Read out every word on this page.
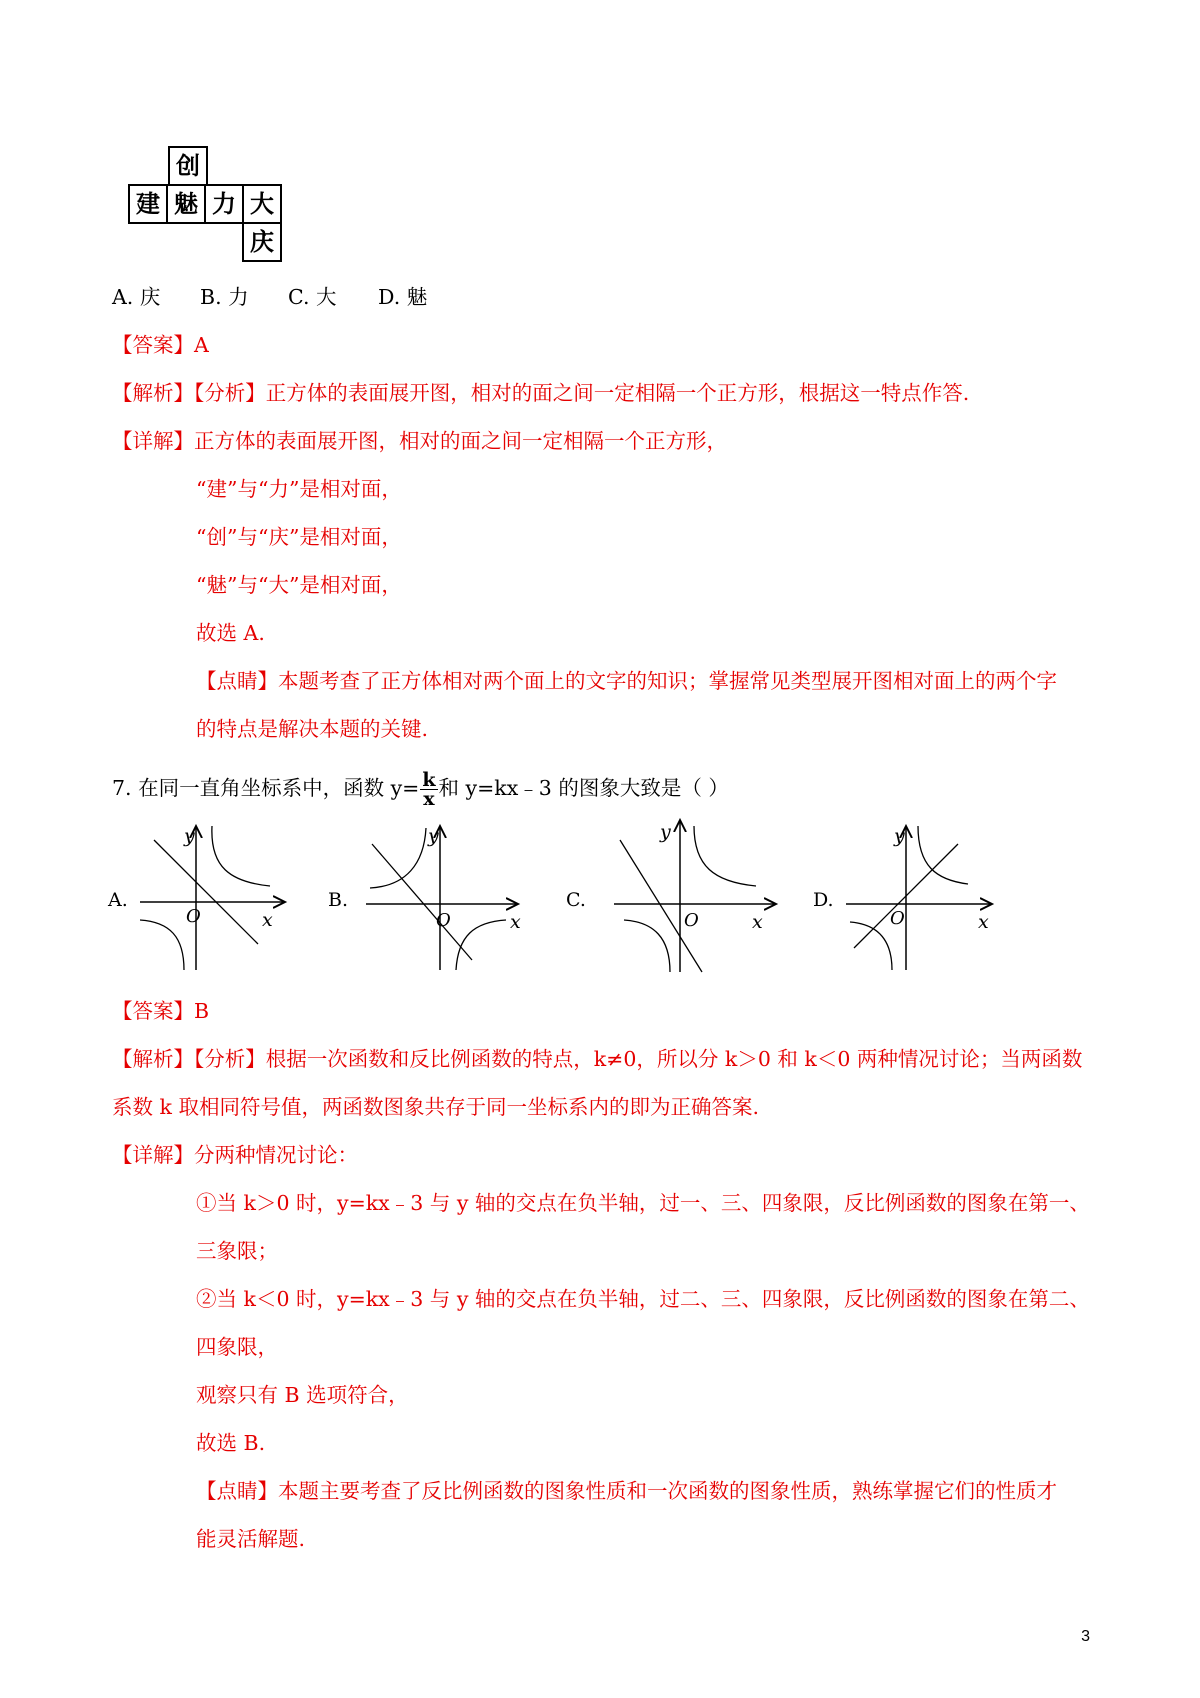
创
建 魅 力 大
庆
A. 庆 B. 力 C. 大 D. 魅
【答案】A
【解析】【分析】正方体的表面展开图，相对的面之间一定相隔一个正方形，根据这一特点作答.
【详解】正方体的表面展开图，相对的面之间一定相隔一个正方形，
“建”与“力”是相对面，
“创”与“庆”是相对面，
“魅”与“大”是相对面，
故选 A.
【点睛】本题考查了正方体相对两个面上的文字的知识；掌握常见类型展开图相对面上的两个字
的特点是解决本题的关键.
7. 在同一直角坐标系中，函数 $y= \frac{k}{x}$ 和 y=kx﹣3 的图象大致是（ ）
A.	B.	C.	D.
y
x
O
y
x
O
y
x
O
y
x
O
【答案】B
【解析】【分析】根据一次函数和反比例函数的特点，k≠0，所以分 k＞0 和 k＜0 两种情况讨论；当两函数
系数 k 取相同符号值，两函数图象共存于同一坐标系内的即为正确答案.
【详解】分两种情况讨论：
①当 k＞0 时，y=kx﹣3 与 y 轴的交点在负半轴，过一、三、四象限，反比例函数的图象在第一、
三象限；
②当 k＜0 时，y=kx﹣3 与 y 轴的交点在负半轴，过二、三、四象限，反比例函数的图象在第二、
四象限，
观察只有 B 选项符合，
故选 B.
【点睛】本题主要考查了反比例函数的图象性质和一次函数的图象性质，熟练掌握它们的性质才
能灵活解题.
3
